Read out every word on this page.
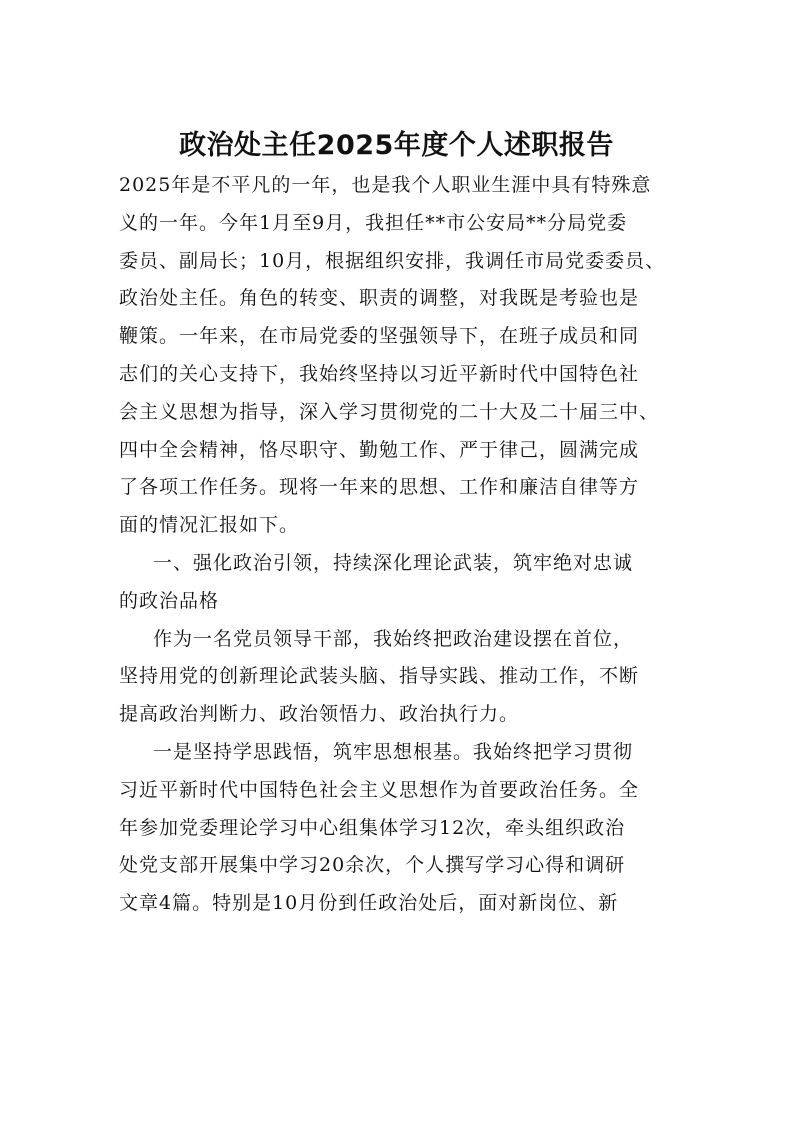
政治处主任2025年度个人述职报告
2025年是不平凡的一年，也是我个人职业生涯中具有特殊意
义的一年。今年1月至9月，我担任**市公安局**分局党委
委员、副局长；10月，根据组织安排，我调任市局党委委员、
政治处主任。角色的转变、职责的调整，对我既是考验也是
鞭策。一年来，在市局党委的坚强领导下，在班子成员和同
志们的关心支持下，我始终坚持以习近平新时代中国特色社
会主义思想为指导，深入学习贯彻党的二十大及二十届三中、
四中全会精神，恪尽职守、勤勉工作、严于律己，圆满完成
了各项工作任务。现将一年来的思想、工作和廉洁自律等方
面的情况汇报如下。
一、强化政治引领，持续深化理论武装，筑牢绝对忠诚
的政治品格
作为一名党员领导干部，我始终把政治建设摆在首位，
坚持用党的创新理论武装头脑、指导实践、推动工作，不断
提高政治判断力、政治领悟力、政治执行力。
一是坚持学思践悟，筑牢思想根基。我始终把学习贯彻
习近平新时代中国特色社会主义思想作为首要政治任务。全
年参加党委理论学习中心组集体学习12次，牵头组织政治
处党支部开展集中学习20余次，个人撰写学习心得和调研
文章4篇。特别是10月份到任政治处后，面对新岗位、新
